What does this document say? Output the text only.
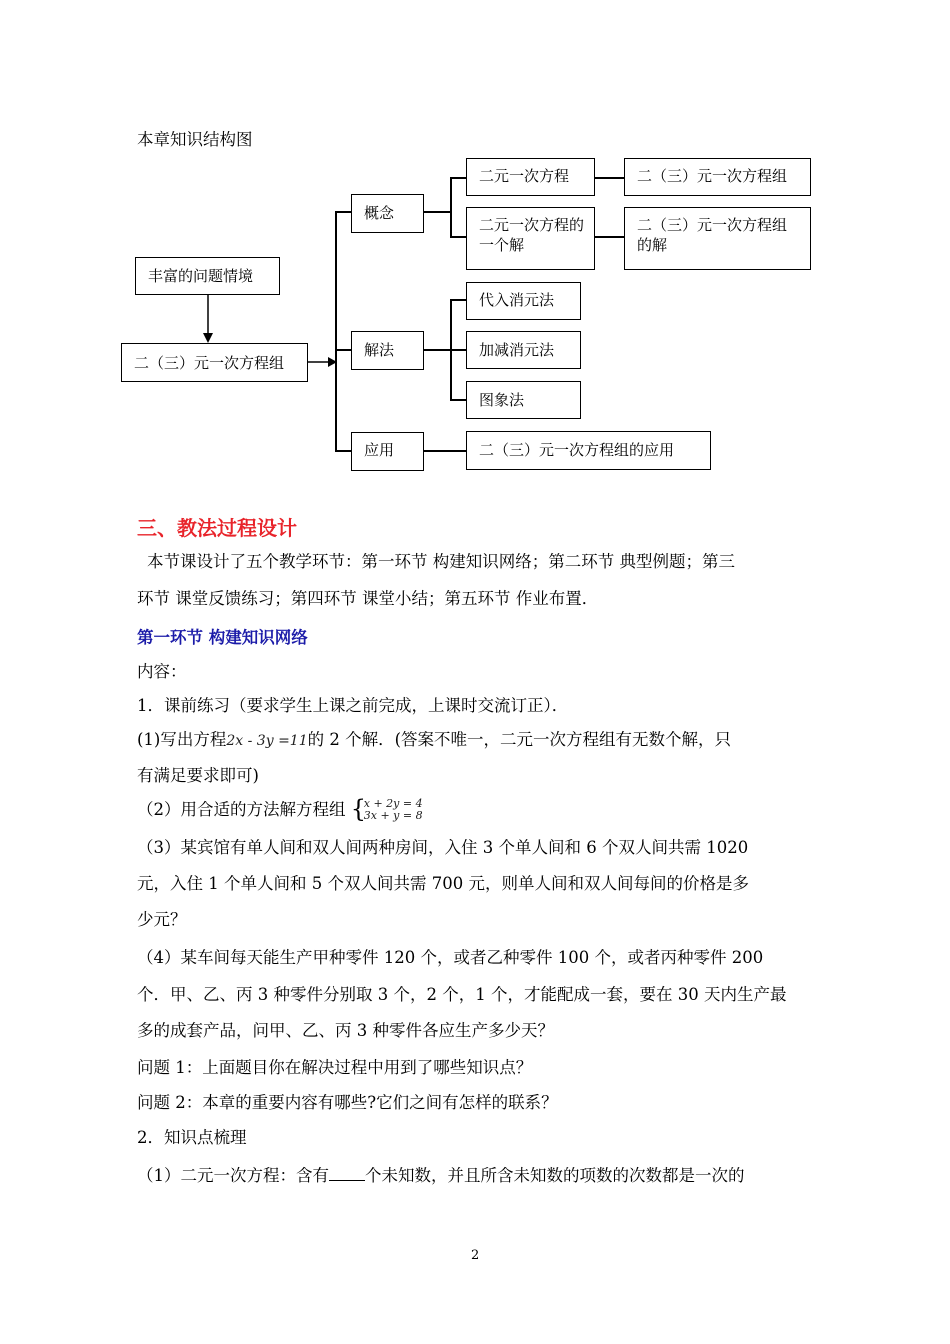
本章知识结构图
丰富的问题情境
二（三）元一次方程组
概念
解法
应用
二元一次方程
二元一次方程的一个解
二（三）元一次方程组
二（三）元一次方程组的解
代入消元法
加减消元法
图象法
二（三）元一次方程组的应用
三、教法过程设计
本节课设计了五个教学环节：第一环节 构建知识网络；第二环节 典型例题；第三
环节 课堂反馈练习；第四环节 课堂小结；第五环节 作业布置．
第一环节 构建知识网络
内容：
1．课前练习（要求学生上课之前完成，上课时交流订正）．
(1)写出方程2x - 3y =11的 2 个解．(答案不唯一，二元一次方程组有无数个解，只
有满足要求即可)
（2）用合适的方法解方程组 {
x + 2y = 4
3x + y = 8
（3）某宾馆有单人间和双人间两种房间，入住 3 个单人间和 6 个双人间共需 1020
元，入住 1 个单人间和 5 个双人间共需 700 元，则单人间和双人间每间的价格是多
少元？
（4）某车间每天能生产甲种零件 120 个，或者乙种零件 100 个，或者丙种零件 200
个．甲、乙、丙 3 种零件分别取 3 个，2 个，1 个，才能配成一套，要在 30 天内生产最
多的成套产品，问甲、乙、丙 3 种零件各应生产多少天？
问题 1：上面题目你在解决过程中用到了哪些知识点？
问题 2：本章的重要内容有哪些?它们之间有怎样的联系？
2．知识点梳理
（1）二元一次方程：含有 个未知数，并且所含未知数的项数的次数都是一次的
2
